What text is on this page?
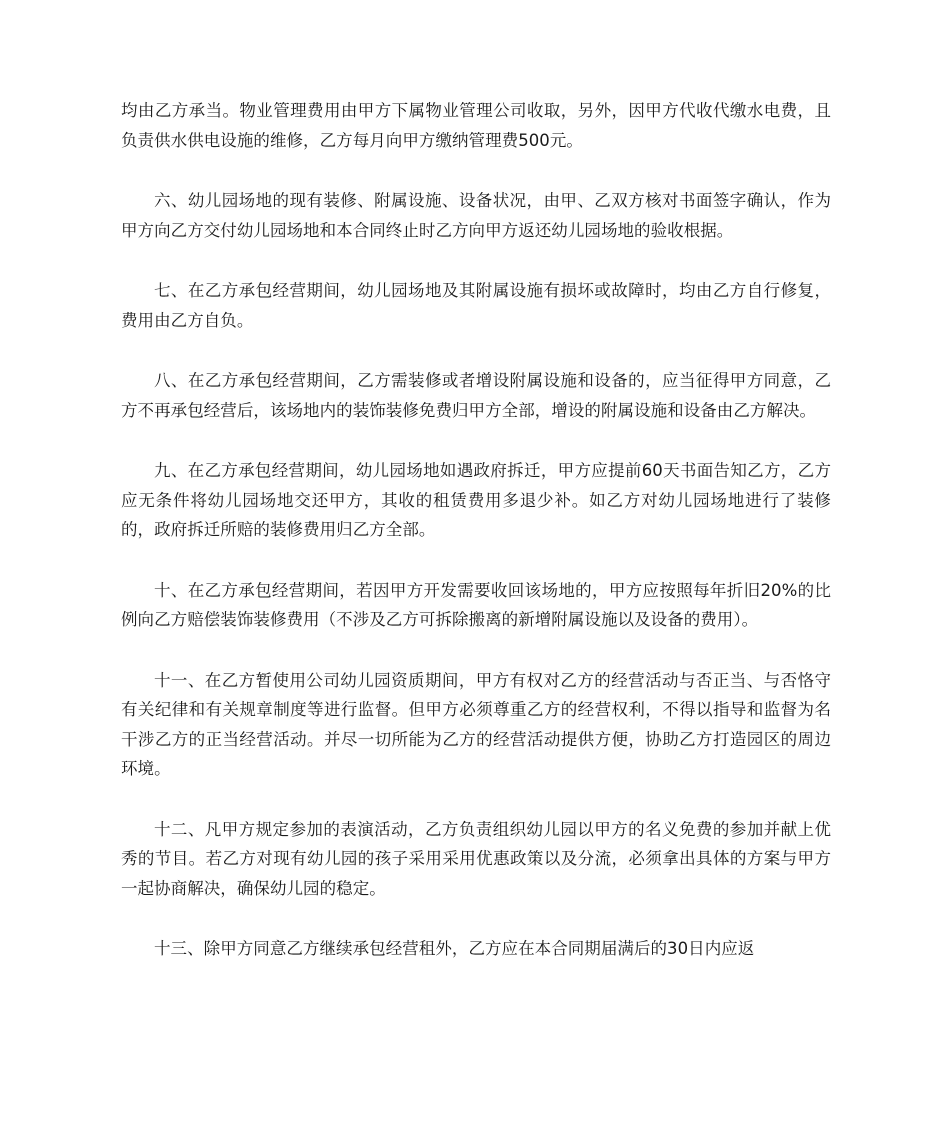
均由乙方承当。物业管理费用由甲方下属物业管理公司收取，另外，因甲方代收代缴水电费，且负责供水供电设施的维修，乙方每月向甲方缴纳管理费500元。

六、幼儿园场地的现有装修、附属设施、设备状况，由甲、乙双方核对书面签字确认，作为甲方向乙方交付幼儿园场地和本合同终止时乙方向甲方返还幼儿园场地的验收根据。

七、在乙方承包经营期间，幼儿园场地及其附属设施有损坏或故障时，均由乙方自行修复，费用由乙方自负。

八、在乙方承包经营期间，乙方需装修或者增设附属设施和设备的，应当征得甲方同意，乙方不再承包经营后，该场地内的装饰装修免费归甲方全部，增设的附属设施和设备由乙方解决。

九、在乙方承包经营期间，幼儿园场地如遇政府拆迁，甲方应提前60天书面告知乙方，乙方应无条件将幼儿园场地交还甲方，其收的租赁费用多退少补。如乙方对幼儿园场地进行了装修的，政府拆迁所赔的装修费用归乙方全部。

十、在乙方承包经营期间，若因甲方开发需要收回该场地的，甲方应按照每年折旧20%的比例向乙方赔偿装饰装修费用（不涉及乙方可拆除搬离的新增附属设施以及设备的费用）。

十一、在乙方暂使用公司幼儿园资质期间，甲方有权对乙方的经营活动与否正当、与否恪守有关纪律和有关规章制度等进行监督。但甲方必须尊重乙方的经营权利，不得以指导和监督为名干涉乙方的正当经营活动。并尽一切所能为乙方的经营活动提供方便，协助乙方打造园区的周边环境。

十二、凡甲方规定参加的表演活动，乙方负责组织幼儿园以甲方的名义免费的参加并献上优秀的节目。若乙方对现有幼儿园的孩子采用采用优惠政策以及分流，必须拿出具体的方案与甲方一起协商解决，确保幼儿园的稳定。

十三、除甲方同意乙方继续承包经营租外，乙方应在本合同期届满后的30日内应返
